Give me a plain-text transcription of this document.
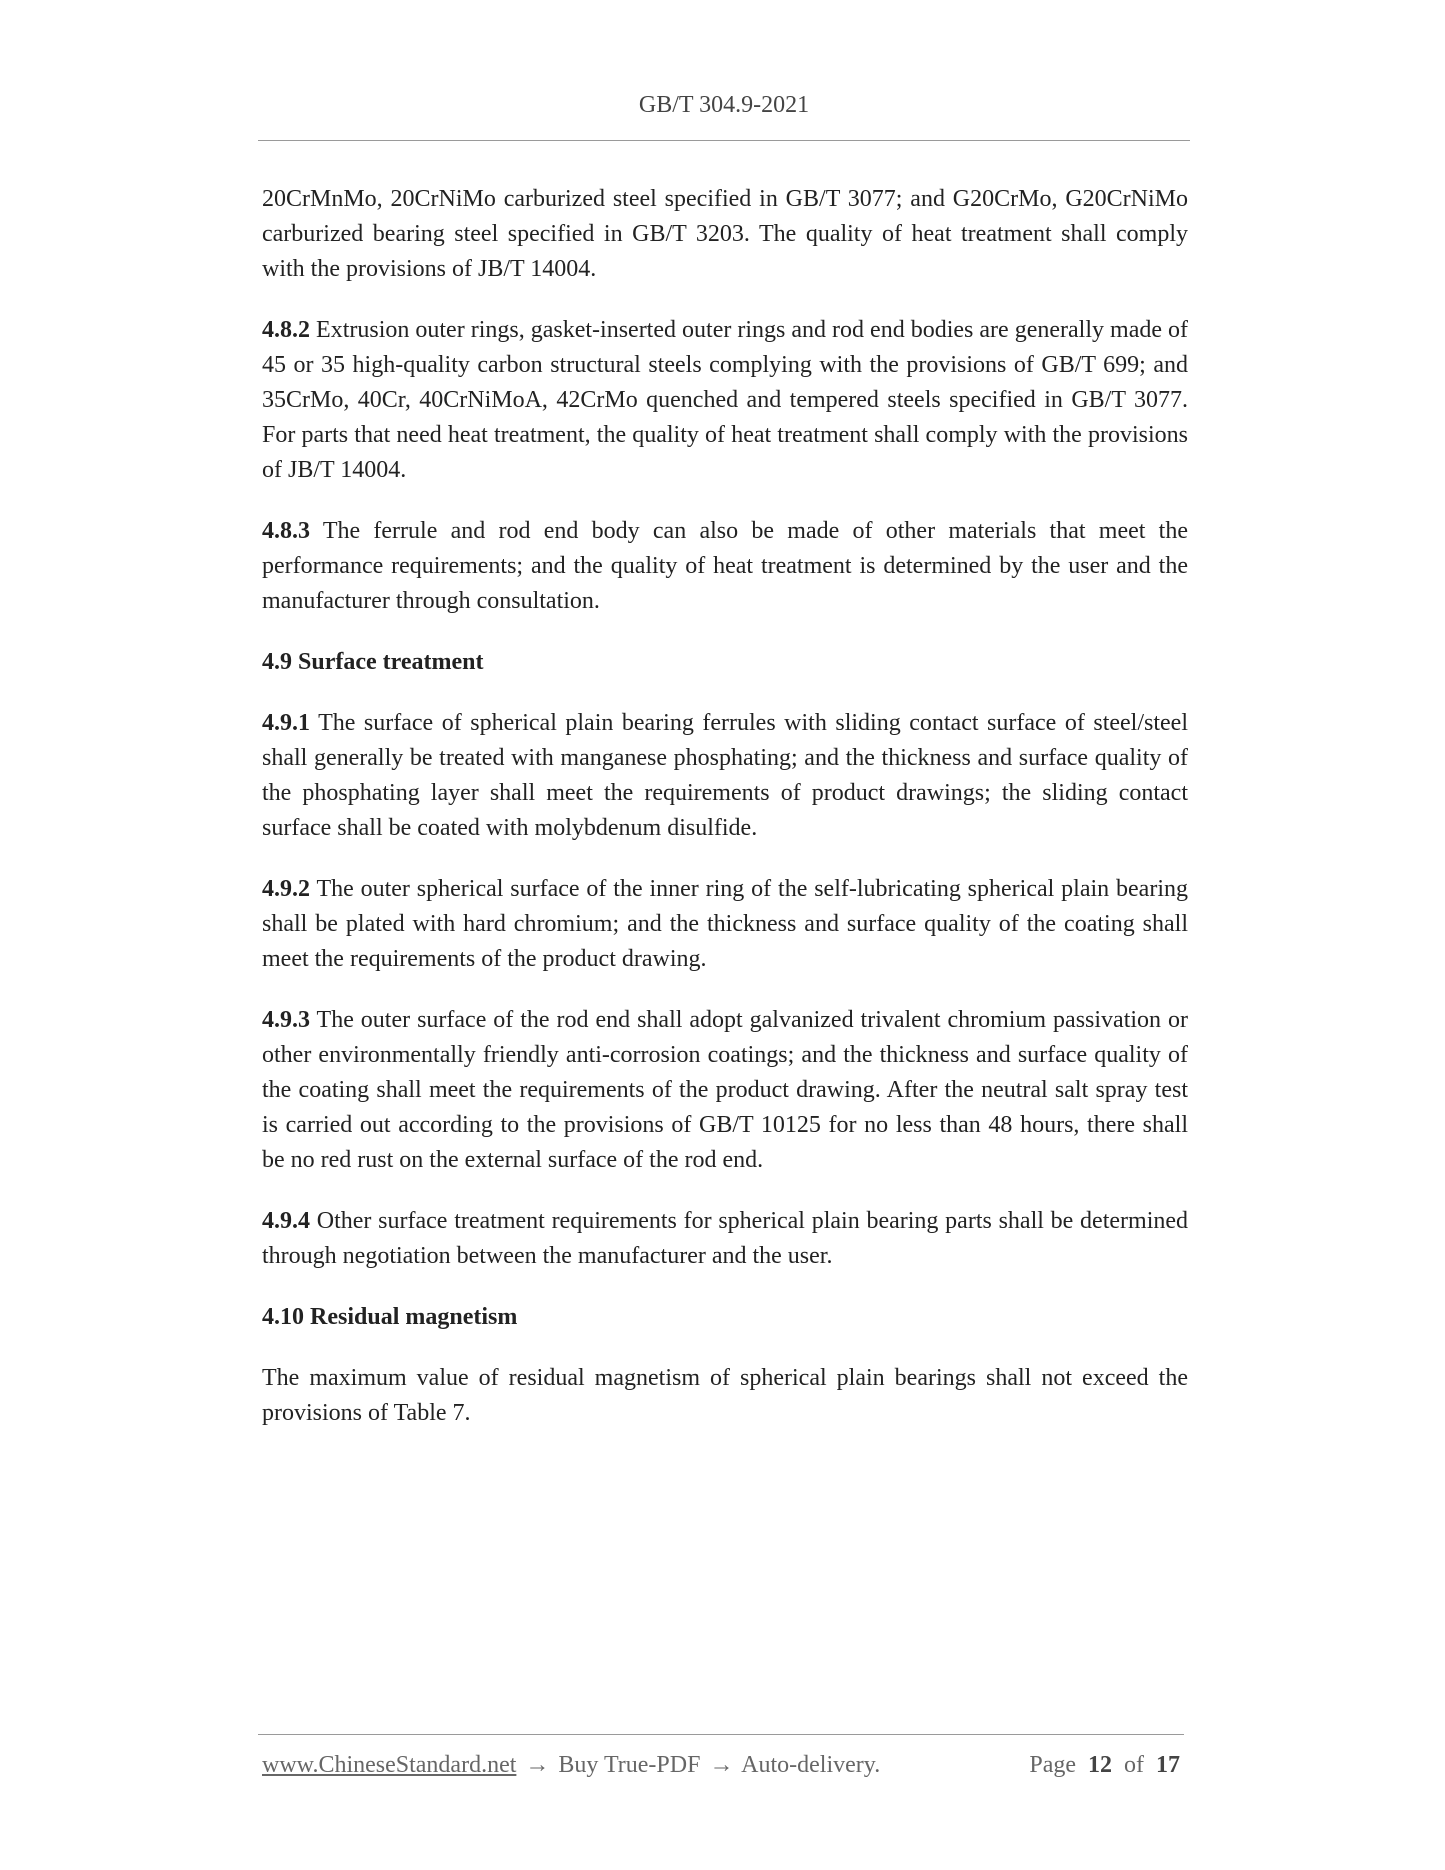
GB/T 304.9-2021

20CrMnMo, 20CrNiMo carburized steel specified in GB/T 3077; and G20CrMo, G20CrNiMo carburized bearing steel specified in GB/T 3203. The quality of heat treatment shall comply with the provisions of JB/T 14004.

4.8.2 Extrusion outer rings, gasket-inserted outer rings and rod end bodies are generally made of 45 or 35 high-quality carbon structural steels complying with the provisions of GB/T 699; and 35CrMo, 40Cr, 40CrNiMoA, 42CrMo quenched and tempered steels specified in GB/T 3077. For parts that need heat treatment, the quality of heat treatment shall comply with the provisions of JB/T 14004.

4.8.3 The ferrule and rod end body can also be made of other materials that meet the performance requirements; and the quality of heat treatment is determined by the user and the manufacturer through consultation.

4.9 Surface treatment

4.9.1 The surface of spherical plain bearing ferrules with sliding contact surface of steel/steel shall generally be treated with manganese phosphating; and the thickness and surface quality of the phosphating layer shall meet the requirements of product drawings; the sliding contact surface shall be coated with molybdenum disulfide.

4.9.2 The outer spherical surface of the inner ring of the self-lubricating spherical plain bearing shall be plated with hard chromium; and the thickness and surface quality of the coating shall meet the requirements of the product drawing.

4.9.3 The outer surface of the rod end shall adopt galvanized trivalent chromium passivation or other environmentally friendly anti-corrosion coatings; and the thickness and surface quality of the coating shall meet the requirements of the product drawing. After the neutral salt spray test is carried out according to the provisions of GB/T 10125 for no less than 48 hours, there shall be no red rust on the external surface of the rod end.

4.9.4 Other surface treatment requirements for spherical plain bearing parts shall be determined through negotiation between the manufacturer and the user.

4.10 Residual magnetism

The maximum value of residual magnetism of spherical plain bearings shall not exceed the provisions of Table 7.

www.ChineseStandard.net → Buy True-PDF → Auto-delivery.	Page 12 of 17
